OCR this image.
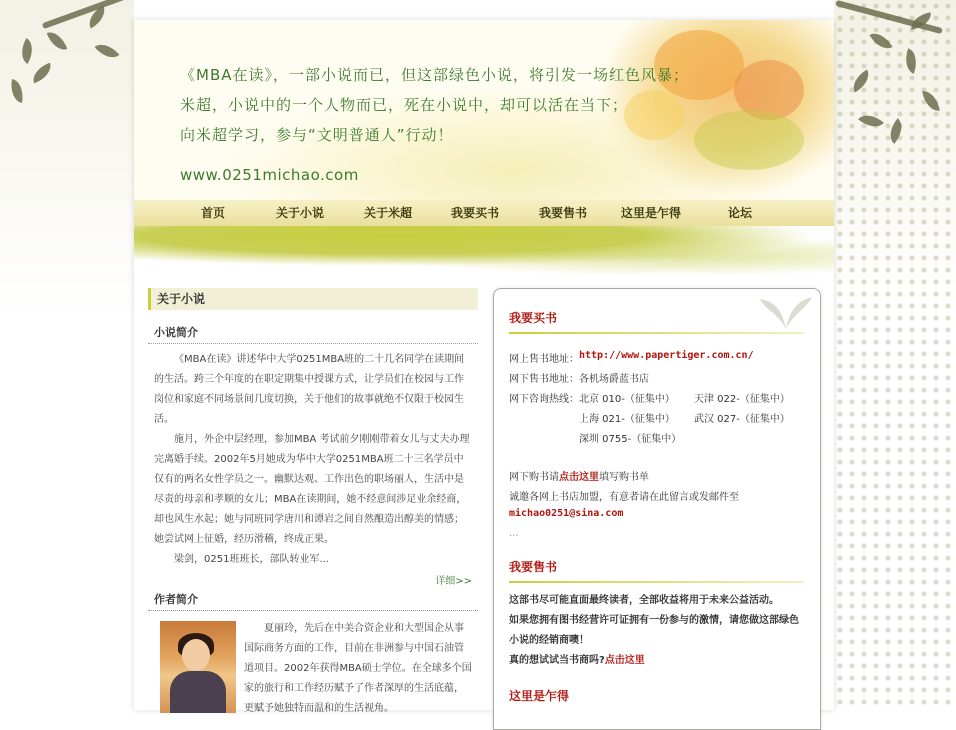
《MBA在读》，一部小说而已，但这部绿色小说，将引发一场红色风暴；
米超，小说中的一个人物而已，死在小说中，却可以活在当下；
向米超学习，参与“文明普通人”行动！
www.0251michao.com
首页	关于小说	关于米超	我要买书	我要售书	这里是乍得	论坛
关于小说
小说简介
《MBA在读》讲述华中大学0251MBA班的二十几名同学在读期间的生活。跨三个年度的在职定期集中授课方式，让学员们在校园与工作岗位和家庭不同场景间几度切换，关于他们的故事就绝不仅限于校园生活。
施月，外企中层经理，参加MBA 考试前夕刚刚带着女儿与丈夫办理完离婚手续。2002年5月她成为华中大学0251MBA班二十三名学员中仅有的两名女性学员之一。幽默达观、工作出色的职场丽人，生活中是尽责的母亲和孝顺的女儿；MBA在读期间，她不经意间涉足业余经商，却也风生水起；她与同班同学唐川和谭岩之间自然酿造出醇美的情感；她尝试网上征婚，经历滑稽，终成正果。
梁剑，0251班班长，部队转业军...
详细>>
作者简介
夏丽玲，先后在中美合资企业和大型国企从事国际商务方面的工作，目前在非洲参与中国石油管道项目。2002年获得MBA硕士学位。在全球多个国家的旅行和工作经历赋予了作者深厚的生活底蕴，更赋予她独特而温和的生活视角。
我要买书
网上售书地址： http://www.papertiger.com.cn/
网下售书地址： 各机场爵蓝书店
网下咨询热线： 北京 010-（征集中） 天津 022-（征集中）
上海 021-（征集中） 武汉 027-（征集中）
深圳 0755-（征集中）
网下购书请点击这里填写购书单
诚邀各网上书店加盟，有意者请在此留言或发邮件至
michao0251@sina.com
...
我要售书
这部书尽可能直面最终读者，全部收益将用于未来公益活动。
如果您拥有图书经营许可证拥有一份参与的激情，请您做这部绿色小说的经销商噢！
真的想试试当书商吗?点击这里
这里是乍得
